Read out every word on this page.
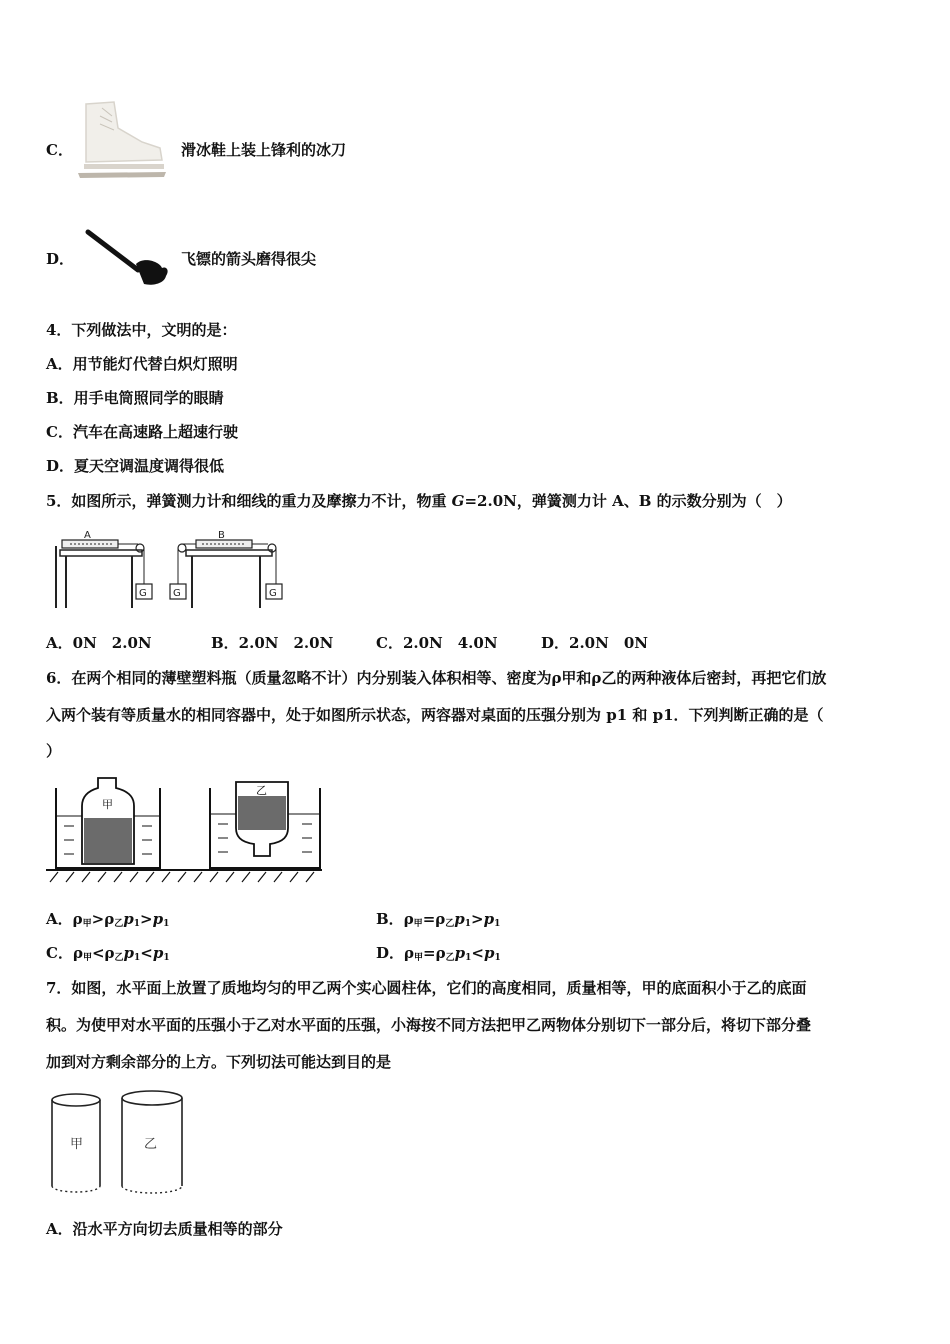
C．	滑冰鞋上装上锋利的冰刀
D．	飞镖的箭头磨得很尖
4．下列做法中，文明的是：
A．用节能灯代替白炽灯照明
B．用手电筒照同学的眼睛
C．汽车在高速路上超速行驶
D．夏天空调温度调得很低
5．如图所示，弹簧测力计和细线的重力及摩擦力不计，物重 G=2.0N，弹簧测力计 A、B 的示数分别为（　）
A
G	G
B
G
A．0N　2.0N	B．2.0N　2.0N	C．2.0N　4.0N	D．2.0N　0N
6．在两个相同的薄壁塑料瓶（质量忽略不计）内分别装入体积相等、密度为ρ甲和ρ乙的两种液体后密封，再把它们放
入两个装有等质量水的相同容器中，处于如图所示状态，两容器对桌面的压强分别为 p1 和 p1．下列判断正确的是（
）
甲
乙
A．$\rho_甲>\rho_乙p_1>p_1$	B．$\rho_甲=\rho_乙p_1>p_1$
C．$\rho_甲<\rho_乙p_1<p_1$	D．$\rho_甲=\rho_乙p_1<p_1$
7．如图，水平面上放置了质地均匀的甲乙两个实心圆柱体，它们的高度相同，质量相等，甲的底面积小于乙的底面
积。为使甲对水平面的压强小于乙对水平面的压强，小海按不同方法把甲乙两物体分别切下一部分后，将切下部分叠
加到对方剩余部分的上方。下列切法可能达到目的是
甲	乙
A．沿水平方向切去质量相等的部分
